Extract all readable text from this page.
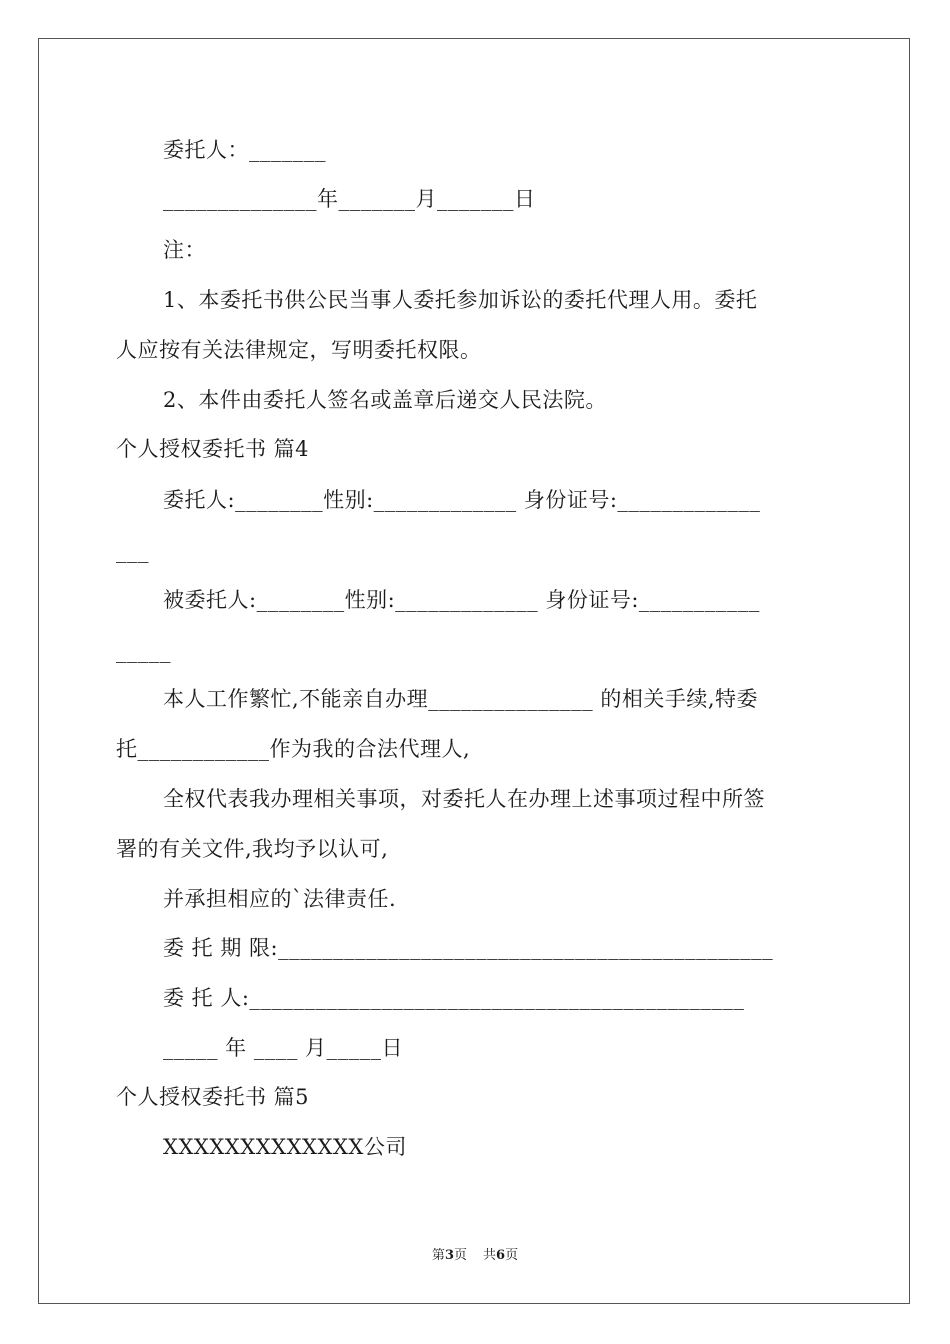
委托人：_______
______________年_______月_______日
注：
1、本委托书供公民当事人委托参加诉讼的委托代理人用。委托
人应按有关法律规定，写明委托权限。
2、本件由委托人签名或盖章后递交人民法院。
个人授权委托书 篇4
委托人:________性别:_____________ 身份证号:_____________
___
被委托人:________性别:_____________ 身份证号:___________
_____
本人工作繁忙,不能亲自办理_______________ 的相关手续,特委
托____________作为我的合法代理人,
全权代表我办理相关事项，对委托人在办理上述事项过程中所签
署的有关文件,我均予以认可,
并承担相应的`法律责任.
委 托 期 限:_____________________________________________
委 托 人:_____________________________________________
_____ 年 ____ 月_____日
个人授权委托书 篇5
XXXXXXXXXXXXX公司
第3页 共6页
